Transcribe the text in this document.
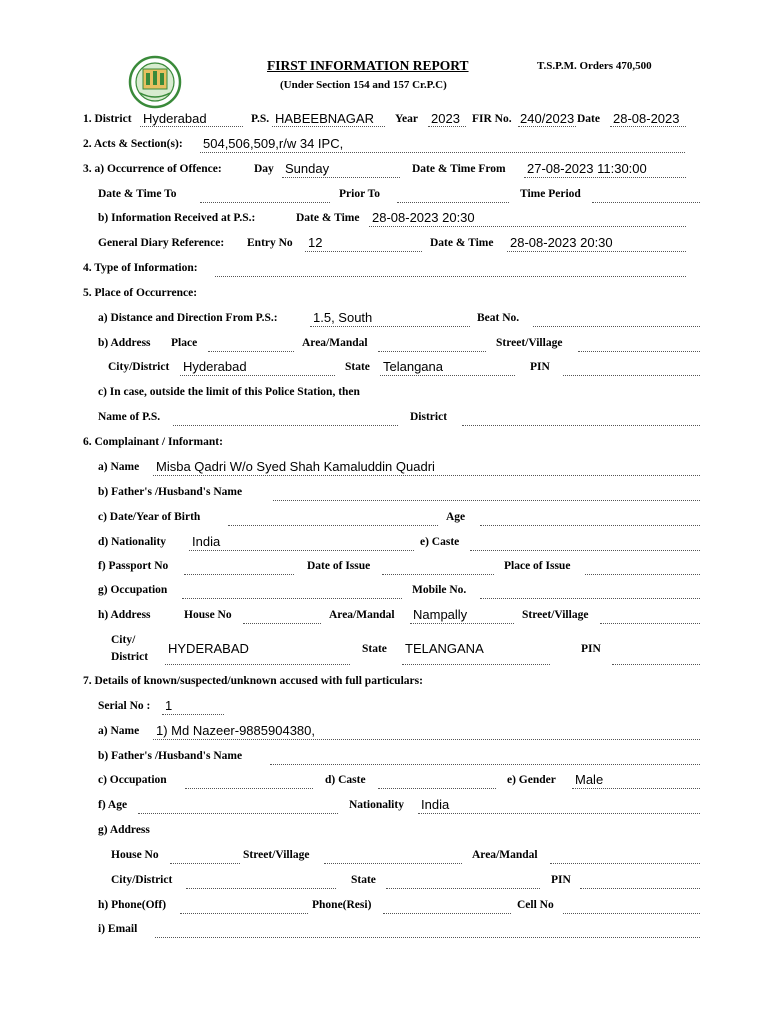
FIRST INFORMATION REPORT
(Under Section 154 and 157 Cr.P.C)
T.S.P.M. Orders 470,500
1. District Hyderabad	P.S. HABEEBNAGAR Year 2023 FIR No. 240/2023 Date 28-08-2023
2. Acts & Section(s): 504,506,509,r/w 34 IPC,
3. a) Occurrence of Offence:	Day Sunday	Date & Time From 27-08-2023 11:30:00
Date & Time To	Prior To	Time Period
b) Information Received at P.S.:	Date & Time 28-08-2023 20:30
General Diary Reference: Entry No 12	Date & Time 28-08-2023 20:30
4. Type of Information:
5. Place of Occurrence:
a) Distance and Direction From P.S.:	1.5, South	Beat No.
b) Address Place	Area/Mandal	Street/Village
City/District Hyderabad	State Telangana	PIN
c) In case, outside the limit of this Police Station, then
Name of P.S.	District
6. Complainant / Informant:
a) Name Misba Qadri W/o Syed Shah Kamaluddin Quadri
b) Father's /Husband's Name
c) Date/Year of Birth	Age
d) Nationality India	e) Caste
f) Passport No	Date of Issue	Place of Issue
g) Occupation	Mobile No.
h) Address	House No	Area/Mandal Nampally	Street/Village
City/
District
HYDERABAD	State TELANGANA	PIN
7. Details of known/suspected/unknown accused with full particulars:
Serial No : 1
a) Name 1) Md Nazeer-9885904380,
b) Father's /Husband's Name
c) Occupation	d) Caste	e) Gender Male
f) Age	Nationality India
g) Address
House No	Street/Village	Area/Mandal
City/District	State	PIN
h) Phone(Off)	Phone(Resi)	Cell No
i) Email
